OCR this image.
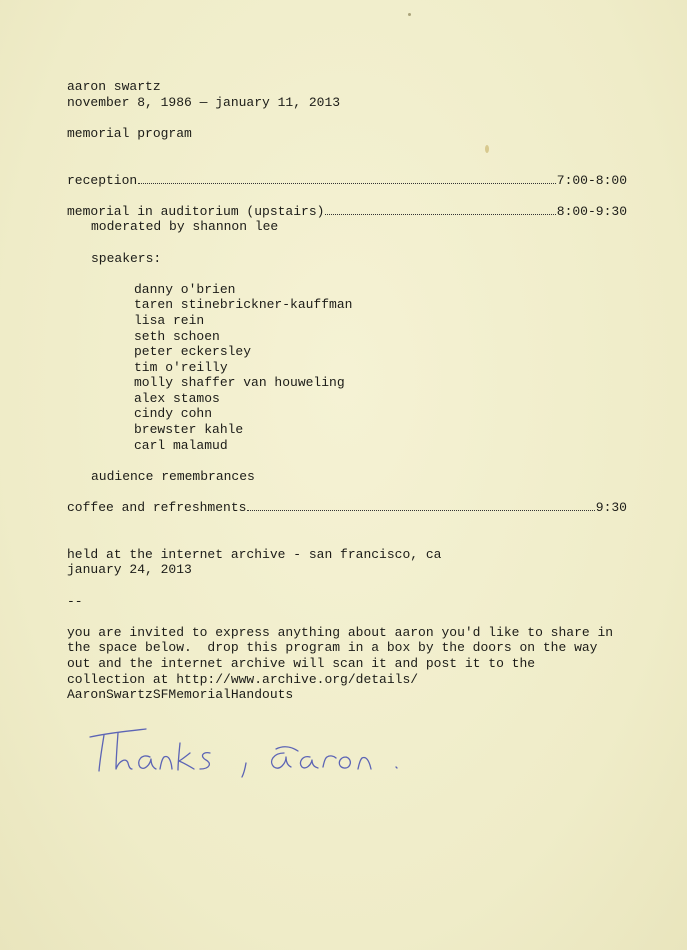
aaron swartz
november 8, 1986 — january 11, 2013
memorial program
reception	7:00-8:00
memorial in auditorium (upstairs)	8:00-9:30
moderated by shannon lee
speakers:
danny o'brien
taren stinebrickner-kauffman
lisa rein
seth schoen
peter eckersley
tim o'reilly
molly shaffer van houweling
alex stamos
cindy cohn
brewster kahle
carl malamud
audience remembrances
coffee and refreshments	9:30
held at the internet archive - san francisco, ca
january 24, 2013
--
you are invited to express anything about aaron you'd like to share in
the space below.  drop this program in a box by the doors on the way
out and the internet archive will scan it and post it to the
collection at http://www.archive.org/details/
AaronSwartzSFMemorialHandouts
